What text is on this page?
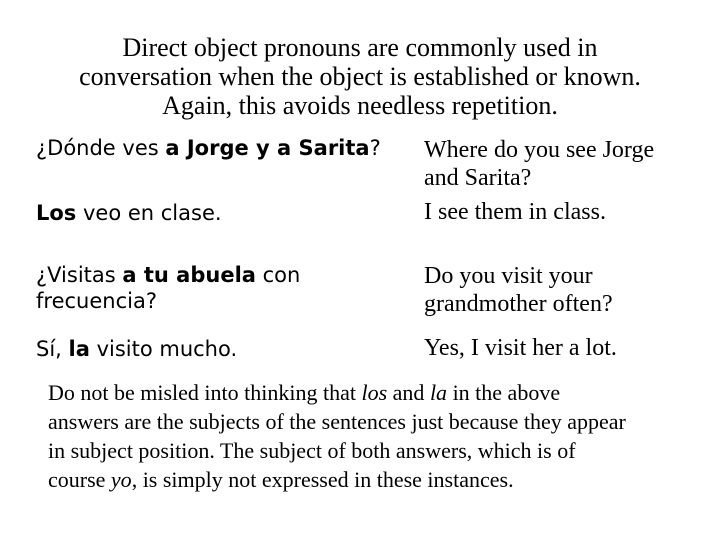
Direct object pronouns are commonly used in
conversation when the object is established or known.
Again, this avoids needless repetition.
¿Dónde ves a Jorge y a Sarita? Where do you see Jorge
and Sarita?
Los veo en clase.	I see them in class.
¿Visitas a tu abuela con
frecuencia?
Do you visit your
grandmother often?
Sí, la visito mucho.	Yes, I visit her a lot.
Do not be misled into thinking that los and la in the above
answers are the subjects of the sentences just because they appear
in subject position. The subject of both answers, which is of
course yo, is simply not expressed in these instances.
